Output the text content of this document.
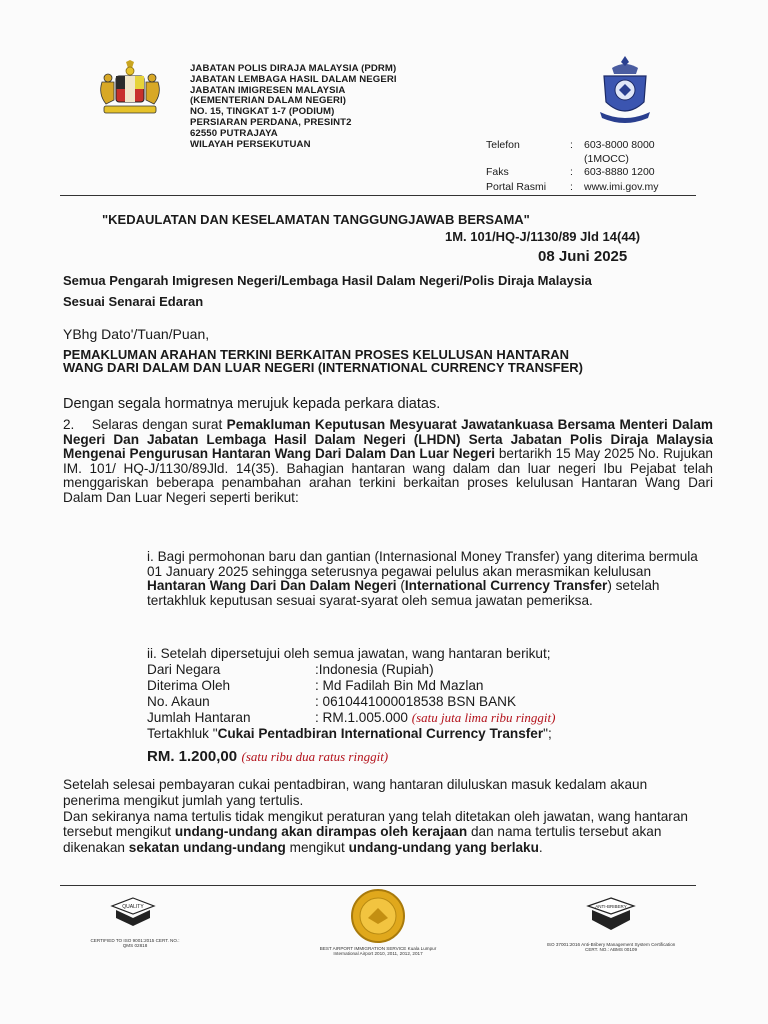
JABATAN POLIS DIRAJA MALAYSIA (PDRM)
JABATAN LEMBAGA HASIL DALAM NEGERI
JABATAN IMIGRESEN MALAYSIA
(KEMENTERIAN DALAM NEGERI)
NO. 15, TINGKAT 1-7 (PODIUM)
PERSIARAN PERDANA, PRESINT2
62550 PUTRAJAYA
WILAYAH PERSEKUTUAN	Telefon	:	603-8000 8000
(1MOCC)
Faks	:	603-8880 1200
Portal Rasmi	:	www.imi.gov.my
"KEDAULATAN DAN KESELAMATAN TANGGUNGJAWAB BERSAMA"
1M. 101/HQ-J/1130/89 Jld 14(44)
08 Juni 2025
Semua Pengarah Imigresen Negeri/Lembaga Hasil Dalam Negeri/Polis Diraja Malaysia
Sesuai Senarai Edaran
YBhg Dato'/Tuan/Puan,
PEMAKLUMAN ARAHAN TERKINI BERKAITAN PROSES KELULUSAN HANTARAN
WANG DARI DALAM DAN LUAR NEGERI (INTERNATIONAL CURRENCY TRANSFER)
Dengan segala hormatnya merujuk kepada perkara diatas.
2. Selaras dengan surat Pemakluman Keputusan Mesyuarat Jawatankuasa Bersama Menteri Dalam Negeri Dan Jabatan Lembaga Hasil Dalam Negeri (LHDN) Serta Jabatan Polis Diraja Malaysia Mengenai Pengurusan Hantaran Wang Dari Dalam Dan Luar Negeri bertarikh 15 May 2025 No. Rujukan IM. 101/ HQ-J/1130/89Jld. 14(35). Bahagian hantaran wang dalam dan luar negeri Ibu Pejabat telah menggariskan beberapa penambahan arahan terkini berkaitan proses kelulusan Hantaran Wang Dari Dalam Dan Luar Negeri seperti berikut:
i. Bagi permohonan baru dan gantian (Internasional Money Transfer) yang diterima bermula 01 January 2025 sehingga seterusnya pegawai pelulus akan merasmikan kelulusan Hantaran Wang Dari Dan Dalam Negeri (International Currency Transfer) setelah tertakhluk keputusan sesuai syarat-syarat oleh semua jawatan pemeriksa.
ii. Setelah dipersetujui oleh semua jawatan, wang hantaran berikut;
Dari Negara	:Indonesia (Rupiah)
Diterima Oleh	: Md Fadilah Bin Md Mazlan
No. Akaun	: 0610441000018538 BSN BANK
Jumlah Hantaran	: RM.1.005.000
(satu juta lima ribu ringgit)
Tertakhluk "Cukai Pentadbiran International Currency Transfer";
RM. 1.200,00 (satu ribu dua ratus ringgit)
Setelah selesai pembayaran cukai pentadbiran, wang hantaran diluluskan masuk kedalam akaun penerima mengikut jumlah yang tertulis.
Dan sekiranya nama tertulis tidak mengikut peraturan yang telah ditetakan oleh jawatan, wang hantaran tersebut mengikut undang-undang akan dirampas oleh kerajaan dan nama tertulis tersebut akan dikenakan sekatan undang-undang mengikut undang-undang yang berlaku.
QUALITY
CERTIFIED TO ISO 9001:2015 CERT. NO.: QMS 02818
BEST AIRPORT IMMIGRATION SERVICE Kuala Lumpur International Airport 2010, 2011, 2012, 2017
ANTI-BRIBERY
ISO 37001:2016 Anti-Bribery Management System Certification CERT. NO.: ABMS 00109
